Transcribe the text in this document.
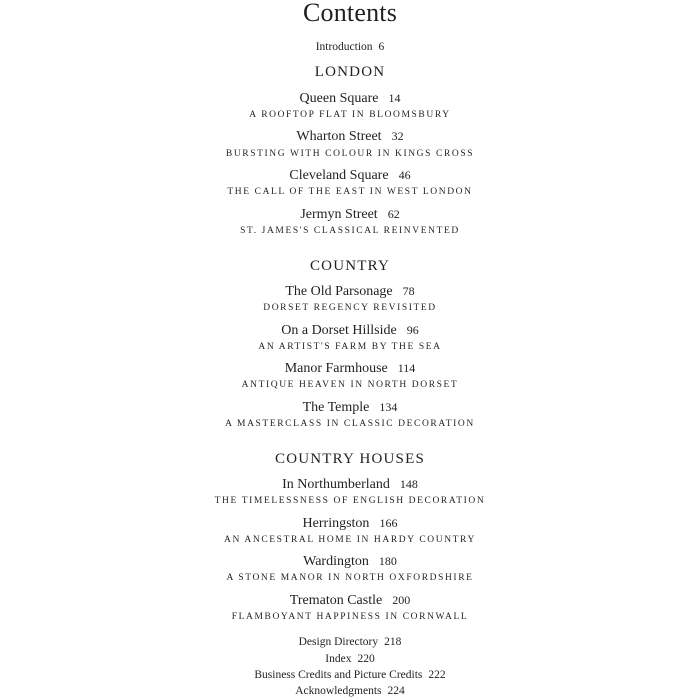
Contents
Introduction 6
LONDON
Queen Square 14
A ROOFTOP FLAT IN BLOOMSBURY
Wharton Street 32
BURSTING WITH COLOUR IN KINGS CROSS
Cleveland Square 46
THE CALL OF THE EAST IN WEST LONDON
Jermyn Street 62
ST. JAMES'S CLASSICAL REINVENTED
COUNTRY
The Old Parsonage 78
DORSET REGENCY REVISITED
On a Dorset Hillside 96
AN ARTIST'S FARM BY THE SEA
Manor Farmhouse 114
ANTIQUE HEAVEN IN NORTH DORSET
The Temple 134
A MASTERCLASS IN CLASSIC DECORATION
COUNTRY HOUSES
In Northumberland 148
THE TIMELESSNESS OF ENGLISH DECORATION
Herringston 166
AN ANCESTRAL HOME IN HARDY COUNTRY
Wardington 180
A STONE MANOR IN NORTH OXFORDSHIRE
Trematon Castle 200
FLAMBOYANT HAPPINESS IN CORNWALL
Design Directory 218
Index 220
Business Credits and Picture Credits 222
Acknowledgments 224
